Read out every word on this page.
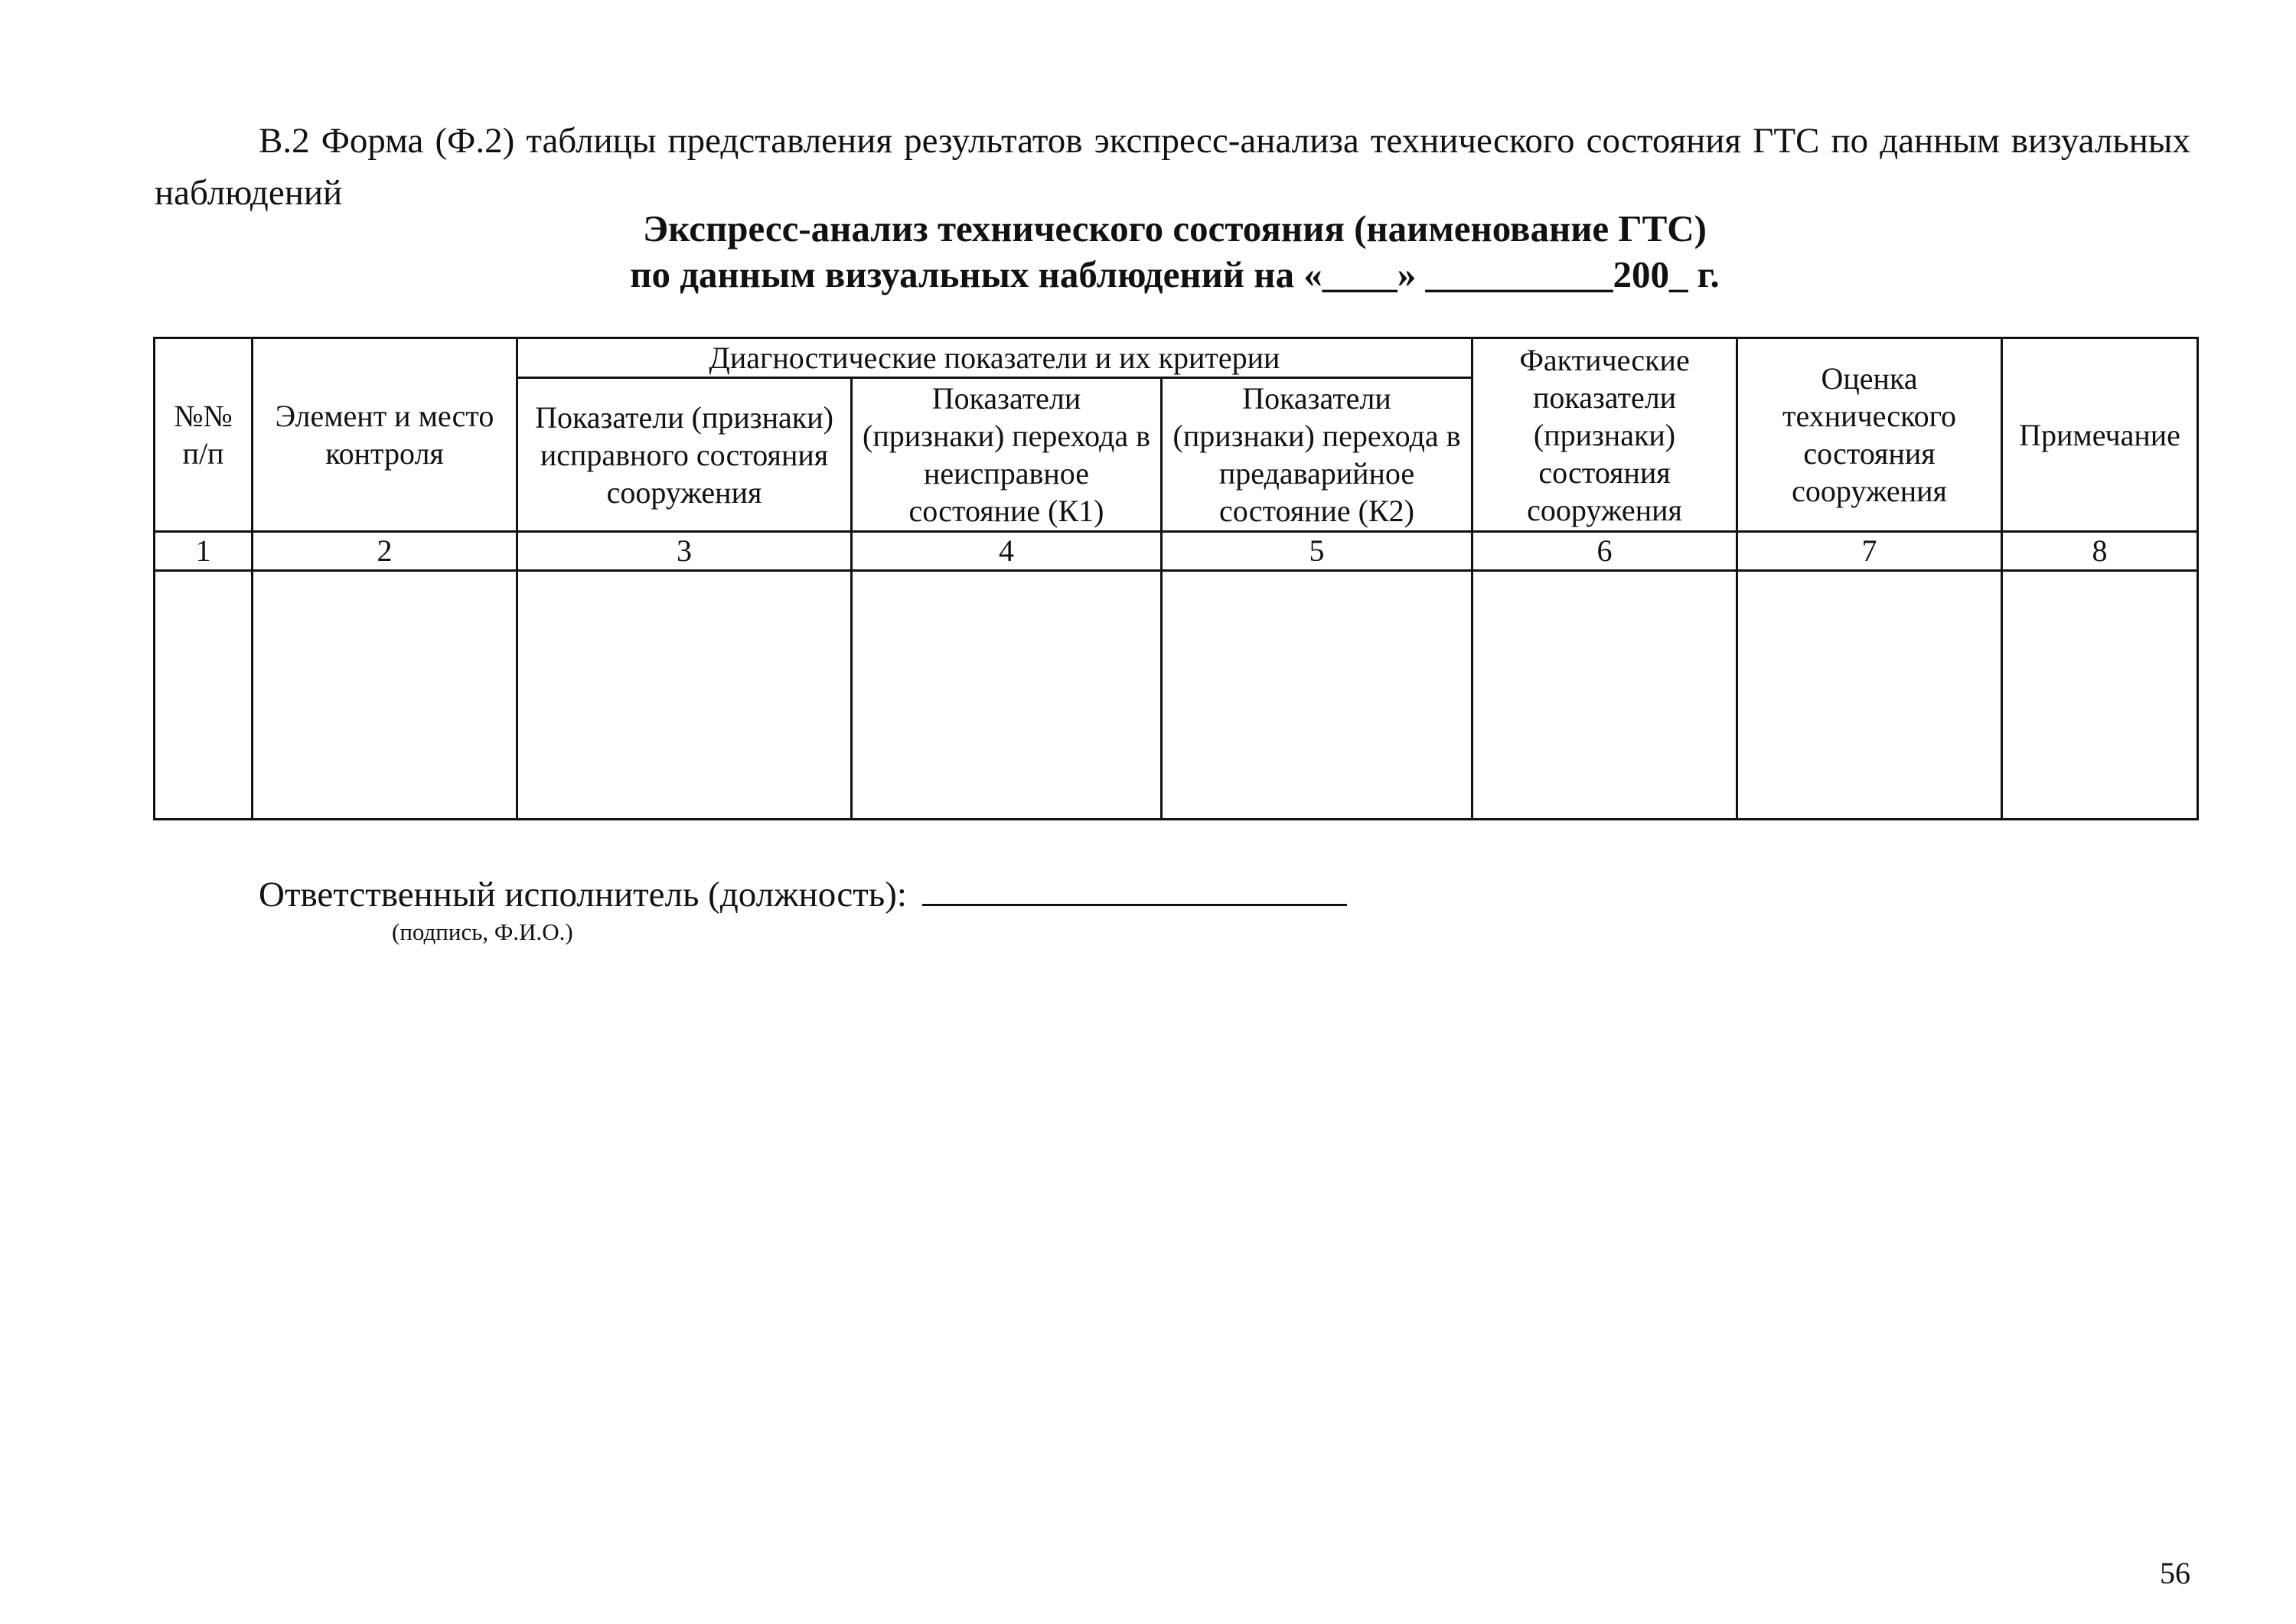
В.2 Форма (Ф.2) таблицы представления результатов экспресс-анализа технического состояния ГТС по данным визуальных наблюдений

Экспресс-анализ технического состояния (наименование ГТС)

по данным визуальных наблюдений на «____» __________200_ г.

№№ п/п	Элемент и место контроля	Диагностические показатели и их критерии			Фактические показатели (признаки) состояния сооружения	Оценка технического состояния сооружения	Примечание
		Показатели (признаки) исправного состояния сооружения	Показатели (признаки) перехода в неисправное состояние (К1)	Показатели (признаки) перехода в предаварийное состояние (К2)			
1	2	3	4	5	6	7	8

Ответственный исполнитель (должность):
(подпись, Ф.И.О.)
56
